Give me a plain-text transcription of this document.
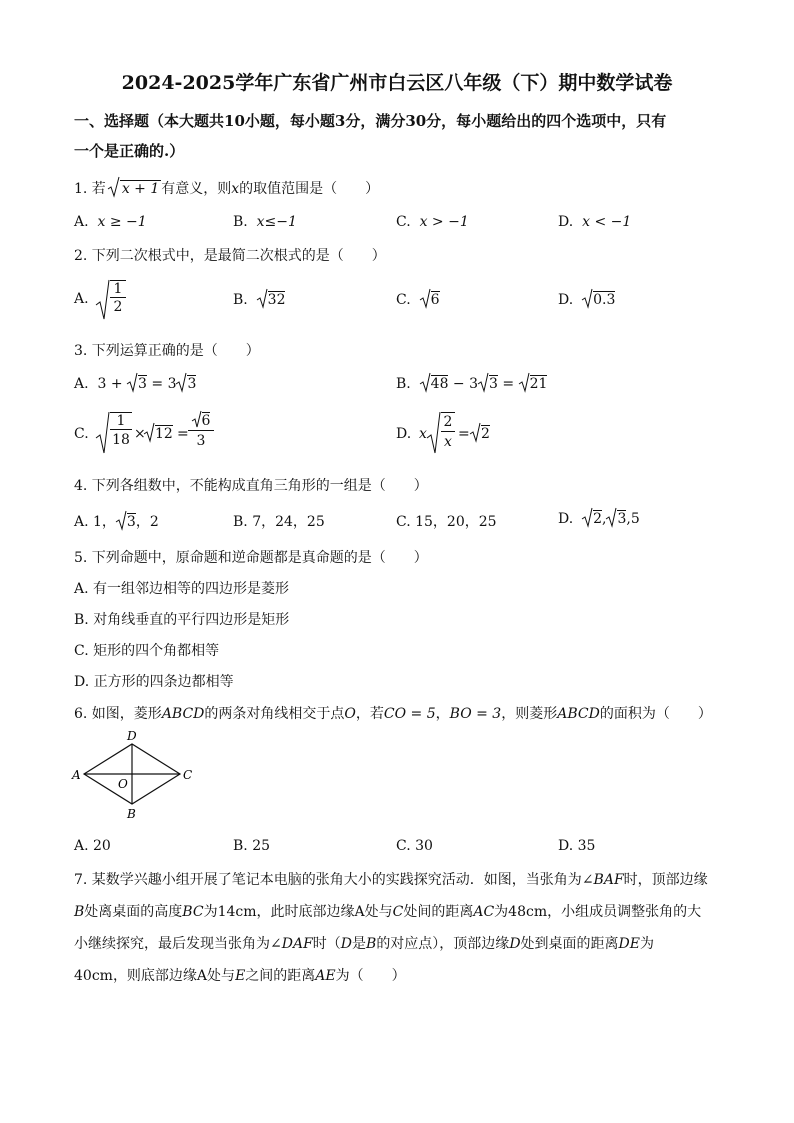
2024-2025学年广东省广州市白云区八年级（下）期中数学试卷
一、选择题（本大题共10小题，每小题3分，满分30分，每小题给出的四个选项中，只有
一个是正确的.）
1. 若 x + 1 有意义，则x的取值范围是（　　）
A. x ≥ −1	B. x≤−1	C. x > −1	D. x < −1
2. 下列二次根式中，是最简二次根式的是（　　）
A. $\frac{1}{2}$	B. 32	C. 6	D. 0.3
3. 下列运算正确的是（　　）
A. 3 +
3 = 3 3	B. 48 − 3 3 =
21
C.
1
18 × 12 =
6
3	D. x
2
x = 2
4. 下列各组数中，不能构成直角三角形的一组是（　　）
A. 1， 3，2	B. 7，24，25	C. 15，20，25	D. 2, 3,5
5. 下列命题中，原命题和逆命题都是真命题的是（　　）
A. 有一组邻边相等的四边形是菱形
B. 对角线垂直的平行四边形是矩形
C. 矩形的四个角都相等
D. 正方形的四条边都相等
6. 如图，菱形ABCD的两条对角线相交于点O，若CO = 5，BO = 3，则菱形ABCD的面积为（　　）
A	C
D
B
O
A. 20	B. 25	C. 30	D. 35
7. 某数学兴趣小组开展了笔记本电脑的张角大小的实践探究活动．如图，当张角为∠BAF时，顶部边缘
B处离桌面的高度BC为14cm，此时底部边缘A处与C处间的距离AC为48cm，小组成员调整张角的大
小继续探究，最后发现当张角为∠DAF时（D是B的对应点），顶部边缘D处到桌面的距离DE为
40cm，则底部边缘A处与E之间的距离AE为（　　）
